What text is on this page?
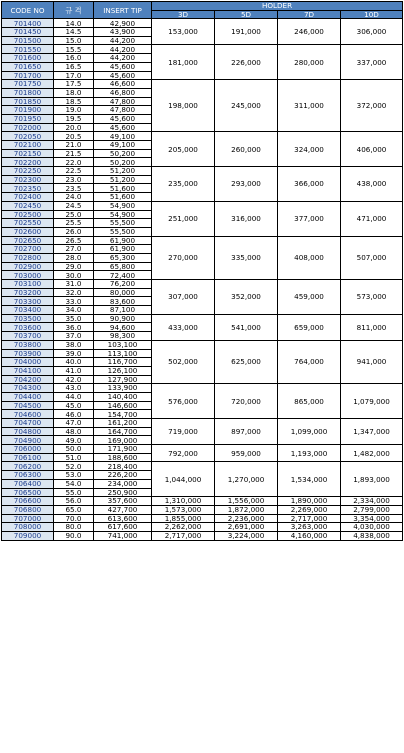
CODE NO	규 격	INSERT TIP	HOLDER			
			3D	5D	7D	10D
701400	14.0	42,900	153,000	191,000	246,000	306,000
701450	14.5	43,900				
701500	15.0	44,200				
701550	15.5	44,200	181,000	226,000	280,000	337,000
701600	16.0	44,200				
701650	16.5	45,600				
701700	17.0	45,600				
701750	17.5	46,600	198,000	245,000	311,000	372,000
701800	18.0	46,800				
701850	18.5	47,800				
701900	19.0	47,800				
701950	19.5	45,600				
702000	20.0	45,600				
702050	20.5	49,100	205,000	260,000	324,000	406,000
702100	21.0	49,100				
702150	21.5	50,200				
702200	22.0	50,200				
702250	22.5	51,200	235,000	293,000	366,000	438,000
702300	23.0	51,200				
702350	23.5	51,600				
702400	24.0	51,600				
702450	24.5	54,900	251,000	316,000	377,000	471,000
702500	25.0	54,900				
702550	25.5	55,500				
702600	26.0	55,500				
702650	26.5	61,900	270,000	335,000	408,000	507,000
702700	27.0	61,900				
702800	28.0	65,300				
702900	29.0	65,800				
703000	30.0	72,400				
703100	31.0	76,200	307,000	352,000	459,000	573,000
703200	32.0	80,000				
703300	33.0	83,600				
703400	34.0	87,100				
703500	35.0	90,900	433,000	541,000	659,000	811,000
703600	36.0	94,600				
703700	37.0	98,300				
703800	38.0	103,100	502,000	625,000	764,000	941,000
703900	39.0	113,100				
704000	40.0	116,700				
704100	41.0	126,100				
704200	42.0	127,900				
704300	43.0	133,900	576,000	720,000	865,000	1,079,000
704400	44.0	140,400				
704500	45.0	146,600				
704600	46.0	154,700				
704700	47.0	161,200	719,000	897,000	1,099,000	1,347,000
704800	48.0	164,700				
704900	49.0	169,000				
706000	50.0	171,900	792,000	959,000	1,193,000	1,482,000
706100	51.0	188,600				
706200	52.0	218,400	1,044,000	1,270,000	1,534,000	1,893,000
706300	53.0	226,200				
706400	54.0	234,000				
706500	55.0	250,900				
706600	56.0	357,600	1,310,000	1,556,000	1,890,000	2,334,000
706800	65.0	427,700	1,573,000	1,872,000	2,269,000	2,799,000
707000	70.0	613,600	1,855,000	2,236,000	2,717,000	3,354,000
708000	80.0	617,600	2,262,000	2,691,000	3,263,000	4,030,000
709000	90.0	741,000	2,717,000	3,224,000	4,160,000	4,838,000
